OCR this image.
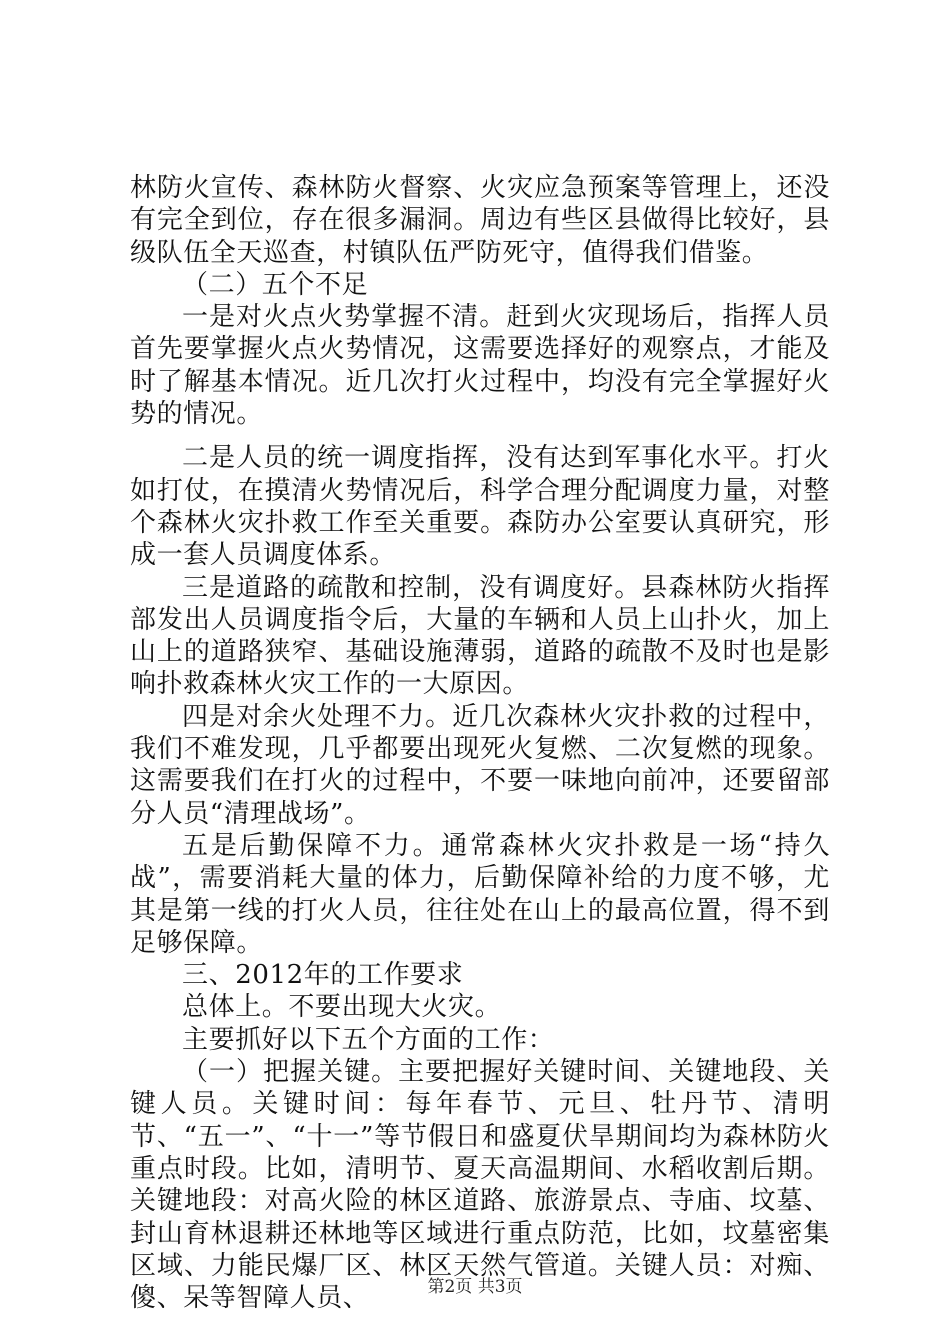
林防火宣传、森林防火督察、火灾应急预案等管理上，还没有完全到位，存在很多漏洞。周边有些区县做得比较好，县级队伍全天巡查，村镇队伍严防死守，值得我们借鉴。

（二）五个不足

一是对火点火势掌握不清。赶到火灾现场后，指挥人员首先要掌握火点火势情况，这需要选择好的观察点，才能及时了解基本情况。近几次打火过程中，均没有完全掌握好火势的情况。

二是人员的统一调度指挥，没有达到军事化水平。打火如打仗，在摸清火势情况后，科学合理分配调度力量，对整个森林火灾扑救工作至关重要。森防办公室要认真研究，形成一套人员调度体系。

三是道路的疏散和控制，没有调度好。县森林防火指挥部发出人员调度指令后，大量的车辆和人员上山扑火，加上山上的道路狭窄、基础设施薄弱，道路的疏散不及时也是影响扑救森林火灾工作的一大原因。

四是对余火处理不力。近几次森林火灾扑救的过程中，我们不难发现，几乎都要出现死火复燃、二次复燃的现象。这需要我们在打火的过程中，不要一味地向前冲，还要留部分人员“清理战场”。

五是后勤保障不力。通常森林火灾扑救是一场“持久战”，需要消耗大量的体力，后勤保障补给的力度不够，尤其是第一线的打火人员，往往处在山上的最高位置，得不到足够保障。

三、2012年的工作要求

总体上。不要出现大火灾。

主要抓好以下五个方面的工作：

（一）把握关键。主要把握好关键时间、关键地段、关键人员。关键时间：每年春节、元旦、牡丹节、清明节、“五一”、“十一”等节假日和盛夏伏旱期间均为森林防火重点时段。比如，清明节、夏天高温期间、水稻收割后期。关键地段：对高火险的林区道路、旅游景点、寺庙、坟墓、封山育林退耕还林地等区域进行重点防范，比如，坟墓密集区域、力能民爆厂区、林区天然气管道。关键人员：对痴、傻、呆等智障人员、	第2页 共3页
